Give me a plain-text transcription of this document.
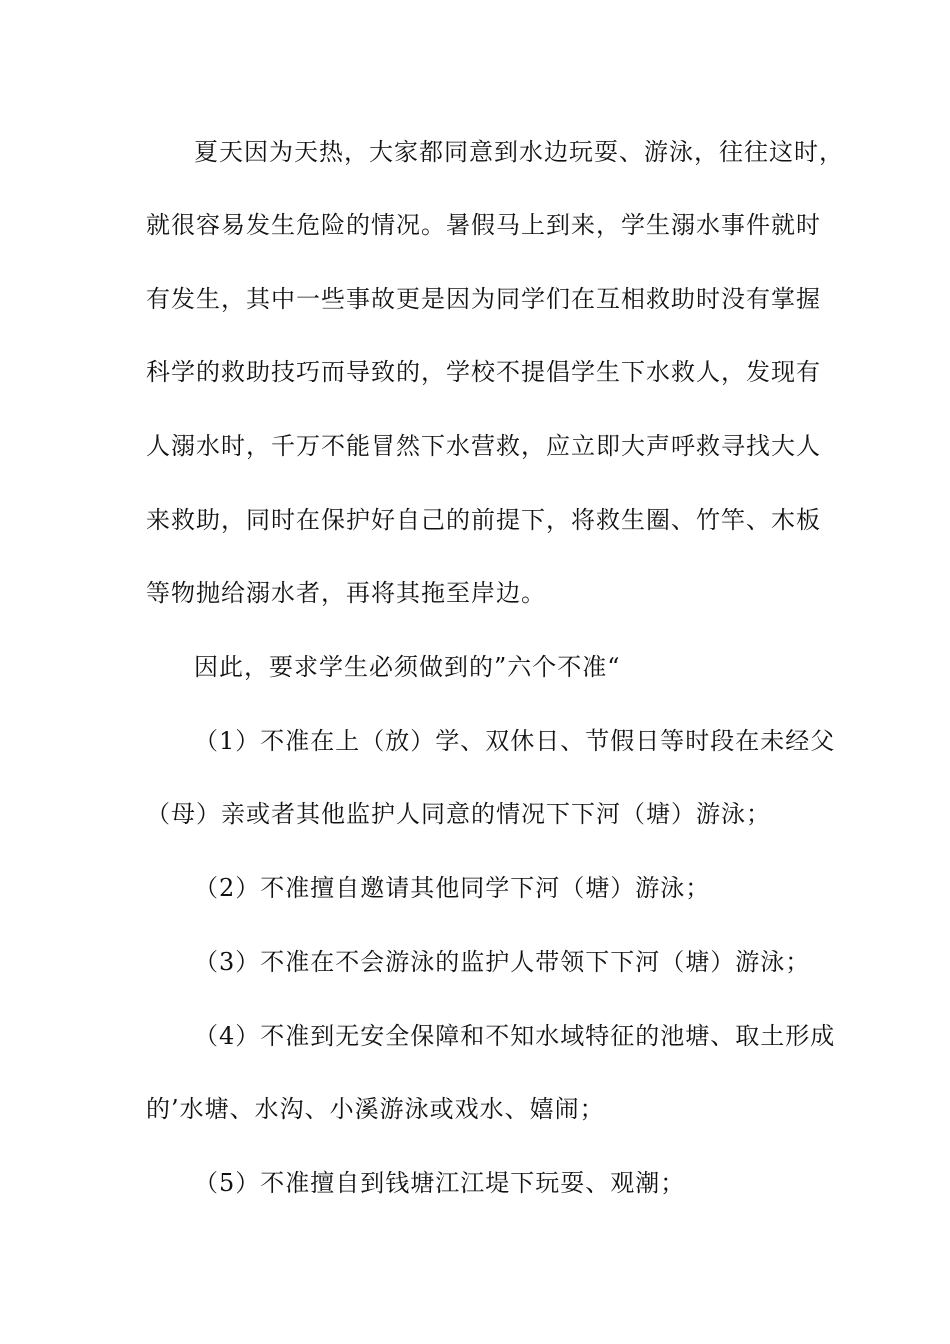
夏天因为天热，大家都同意到水边玩耍、游泳，往往这时，

就很容易发生危险的情况。暑假马上到来，学生溺水事件就时

有发生，其中一些事故更是因为同学们在互相救助时没有掌握

科学的救助技巧而导致的，学校不提倡学生下水救人，发现有

人溺水时，千万不能冒然下水营救，应立即大声呼救寻找大人

来救助，同时在保护好自己的前提下，将救生圈、竹竿、木板

等物抛给溺水者，再将其拖至岸边。

因此，要求学生必须做到的”六个不准“

（1）不准在上（放）学、双休日、节假日等时段在未经父

（母）亲或者其他监护人同意的情况下下河（塘）游泳；

（2）不准擅自邀请其他同学下河（塘）游泳；

（3）不准在不会游泳的监护人带领下下河（塘）游泳；

（4）不准到无安全保障和不知水域特征的池塘、取土形成

的’水塘、水沟、小溪游泳或戏水、嬉闹；

（5）不准擅自到钱塘江江堤下玩耍、观潮；
